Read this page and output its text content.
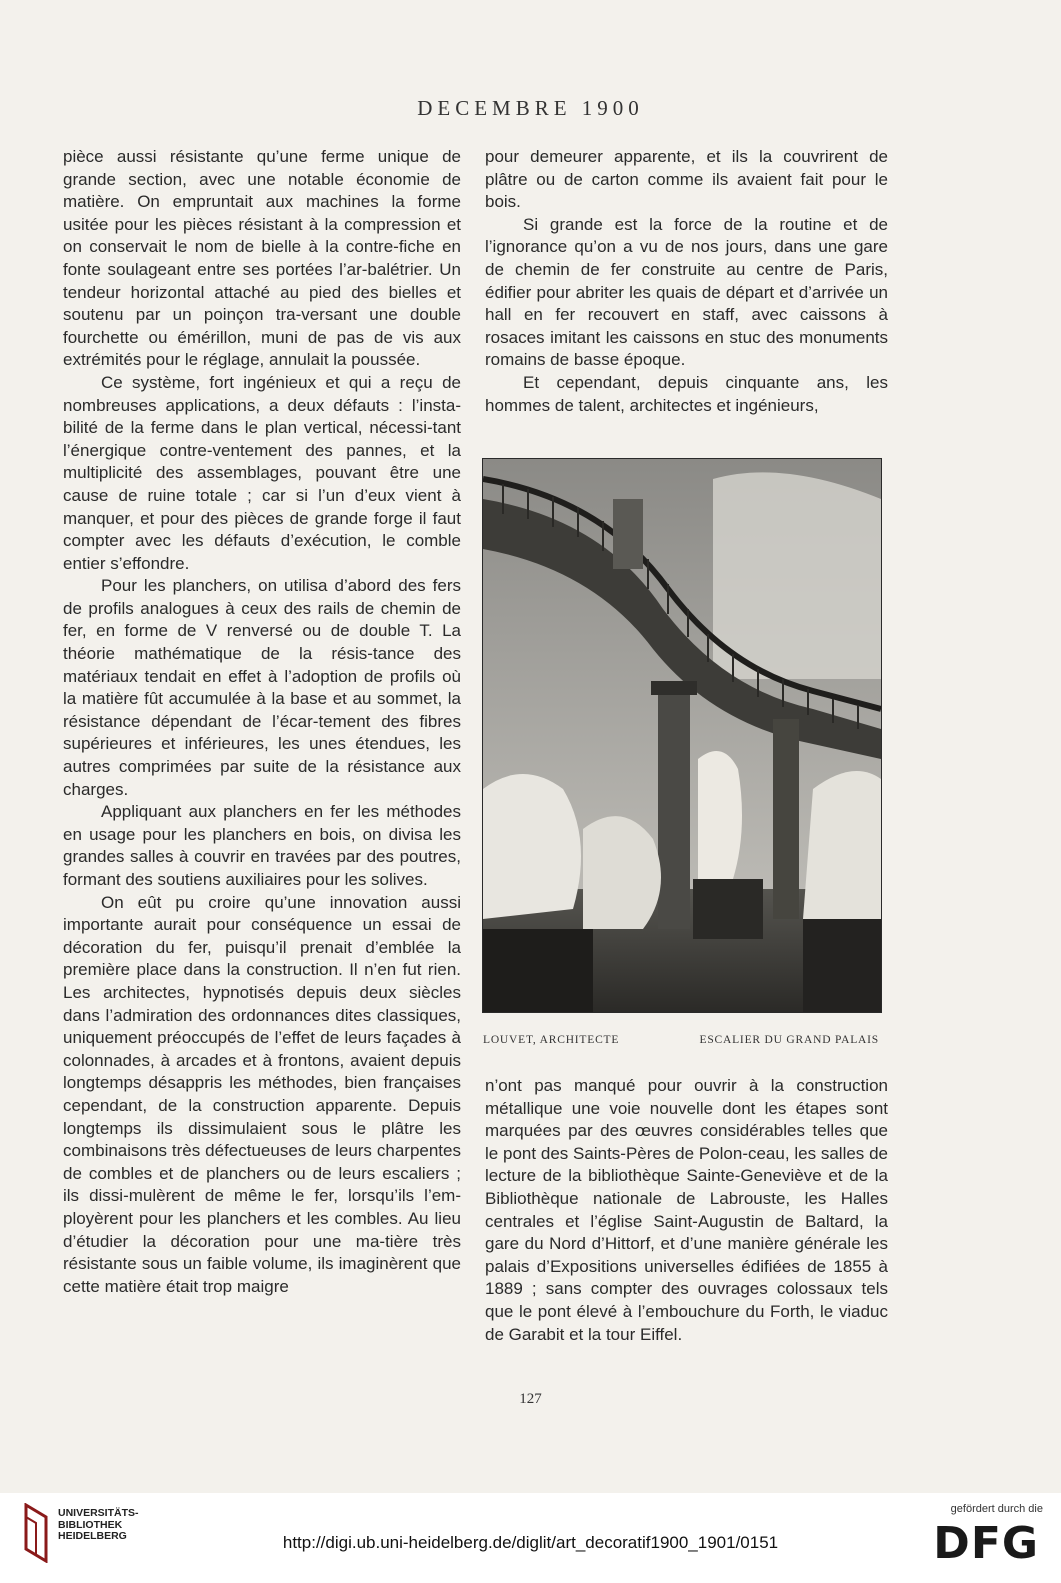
DECEMBRE 1900

pièce aussi résistante qu’une ferme unique de grande section, avec une notable économie de matière. On empruntait aux machines la forme usitée pour les pièces résistant à la compression et on conservait le nom de bielle à la contre-fiche en fonte soulageant entre ses portées l’ar-balétrier. Un tendeur horizontal attaché au pied des bielles et soutenu par un poinçon tra-versant une double fourchette ou émérillon, muni de pas de vis aux extrémités pour le réglage, annulait la poussée.

Ce système, fort ingénieux et qui a reçu de nombreuses applications, a deux défauts : l’insta-bilité de la ferme dans le plan vertical, nécessi-tant l’énergique contre-ventement des pannes, et la multiplicité des assemblages, pouvant être une cause de ruine totale ; car si l’un d’eux vient à manquer, et pour des pièces de grande forge il faut compter avec les défauts d’exécution, le comble entier s’effondre.

Pour les planchers, on utilisa d’abord des fers de profils analogues à ceux des rails de chemin de fer, en forme de V renversé ou de double T. La théorie mathématique de la résis-tance des matériaux tendait en effet à l’adoption de profils où la matière fût accumulée à la base et au sommet, la résistance dépendant de l’écar-tement des fibres supérieures et inférieures, les unes étendues, les autres comprimées par suite de la résistance aux charges.

Appliquant aux planchers en fer les méthodes en usage pour les planchers en bois, on divisa les grandes salles à couvrir en travées par des poutres, formant des soutiens auxiliaires pour les solives.

On eût pu croire qu’une innovation aussi importante aurait pour conséquence un essai de décoration du fer, puisqu’il prenait d’emblée la première place dans la construction. Il n’en fut rien. Les architectes, hypnotisés depuis deux siècles dans l’admiration des ordonnances dites classiques, uniquement préoccupés de l’effet de leurs façades à colonnades, à arcades et à frontons, avaient depuis longtemps désappris les méthodes, bien françaises cependant, de la construction apparente. Depuis longtemps ils dissimulaient sous le plâtre les combinaisons très défectueuses de leurs charpentes de combles et de planchers ou de leurs escaliers ; ils dissi-mulèrent de même le fer, lorsqu’ils l’em-ployèrent pour les planchers et les combles. Au lieu d’étudier la décoration pour une ma-tière très résistante sous un faible volume, ils imaginèrent que cette matière était trop maigre

pour demeurer apparente, et ils la couvrirent de plâtre ou de carton comme ils avaient fait pour le bois.

Si grande est la force de la routine et de l’ignorance qu’on a vu de nos jours, dans une gare de chemin de fer construite au centre de Paris, édifier pour abriter les quais de départ et d’arrivée un hall en fer recouvert en staff, avec caissons à rosaces imitant les caissons en stuc des monuments romains de basse époque.

Et cependant, depuis cinquante ans, les hommes de talent, architectes et ingénieurs,

LOUVET, ARCHITECTE	ESCALIER DU GRAND PALAIS

n’ont pas manqué pour ouvrir à la construction métallique une voie nouvelle dont les étapes sont marquées par des œuvres considérables telles que le pont des Saints-Pères de Polon-ceau, les salles de lecture de la bibliothèque Sainte-Geneviève et de la Bibliothèque nationale de Labrouste, les Halles centrales et l’église Saint-Augustin de Baltard, la gare du Nord d’Hittorf, et d’une manière générale les palais d’Expositions universelles édifiées de 1855 à 1889 ; sans compter des ouvrages colossaux tels que le pont élevé à l’embouchure du Forth, le viaduc de Garabit et la tour Eiffel.

127
UNIVERSITÄTS-
BIBLIOTHEK
HEIDELBERG	http://digi.ub.uni-heidelberg.de/diglit/art_decoratif1900_1901/0151
gefördert durch die
DFG
